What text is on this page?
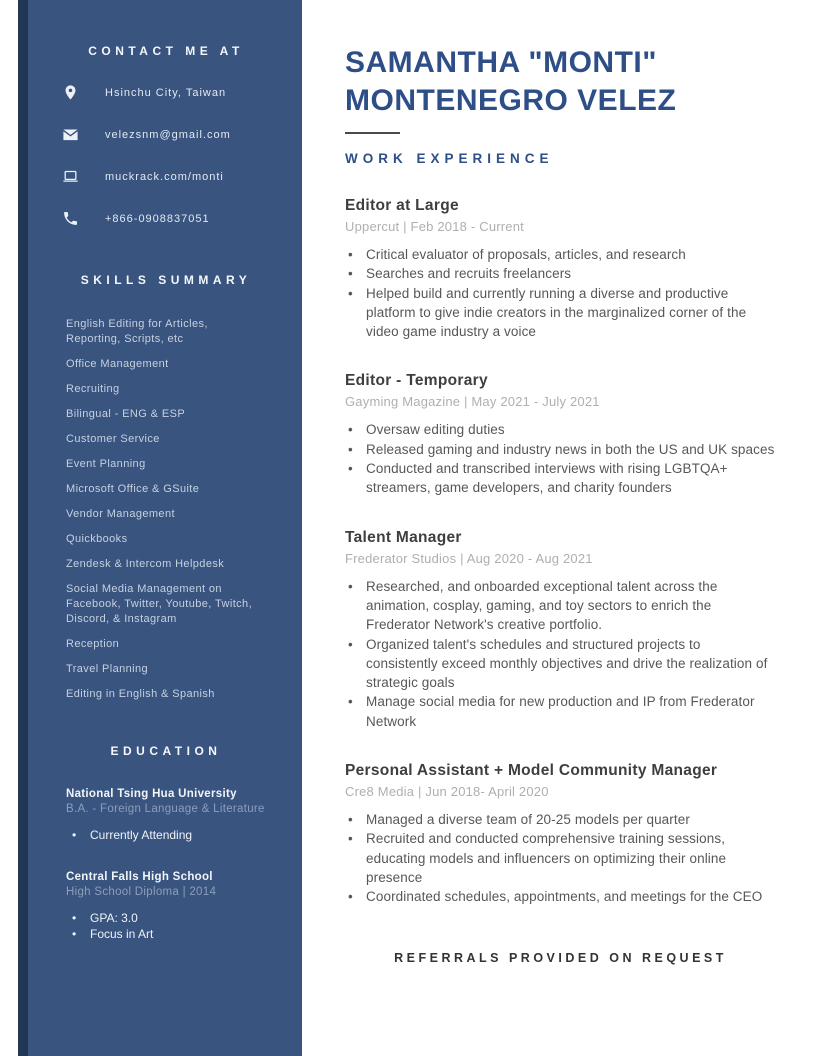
CONTACT ME AT
Hsinchu City, Taiwan
velezsnm@gmail.com
muckrack.com/monti
+866-0908837051
SKILLS SUMMARY
English Editing for Articles, Reporting, Scripts, etc
Office Management
Recruiting
Bilingual - ENG & ESP
Customer Service
Event Planning
Microsoft Office & GSuite
Vendor Management
Quickbooks
Zendesk & Intercom Helpdesk
Social Media Management on Facebook, Twitter, Youtube, Twitch, Discord, & Instagram
Reception
Travel Planning
Editing in English & Spanish
EDUCATION
National Tsing Hua University
B.A. - Foreign Language & Literature
• Currently Attending
Central Falls High School
High School Diploma | 2014
• GPA: 3.0
• Focus in Art
SAMANTHA "MONTI"
MONTENEGRO VELEZ
WORK EXPERIENCE
Editor at Large
Uppercut | Feb 2018 - Current
• Critical evaluator of proposals, articles, and research
• Searches and recruits freelancers
• Helped build and currently running a diverse and productive platform to give indie creators in the marginalized corner of the video game industry a voice
Editor - Temporary
Gayming Magazine | May 2021 - July 2021
• Oversaw editing duties
• Released gaming and industry news in both the US and UK spaces
• Conducted and transcribed interviews with rising LGBTQA+ streamers, game developers, and charity founders
Talent Manager
Frederator Studios | Aug 2020 - Aug 2021
• Researched, and onboarded exceptional talent across the animation, cosplay, gaming, and toy sectors to enrich the Frederator Network's creative portfolio.
• Organized talent's schedules and structured projects to consistently exceed monthly objectives and drive the realization of strategic goals
• Manage social media for new production and IP from Frederator Network
Personal Assistant + Model Community Manager
Cre8 Media | Jun 2018- April 2020
• Managed a diverse team of 20-25 models per quarter
• Recruited and conducted comprehensive training sessions, educating models and influencers on optimizing their online presence
• Coordinated schedules, appointments, and meetings for the CEO
REFERRALS PROVIDED ON REQUEST
